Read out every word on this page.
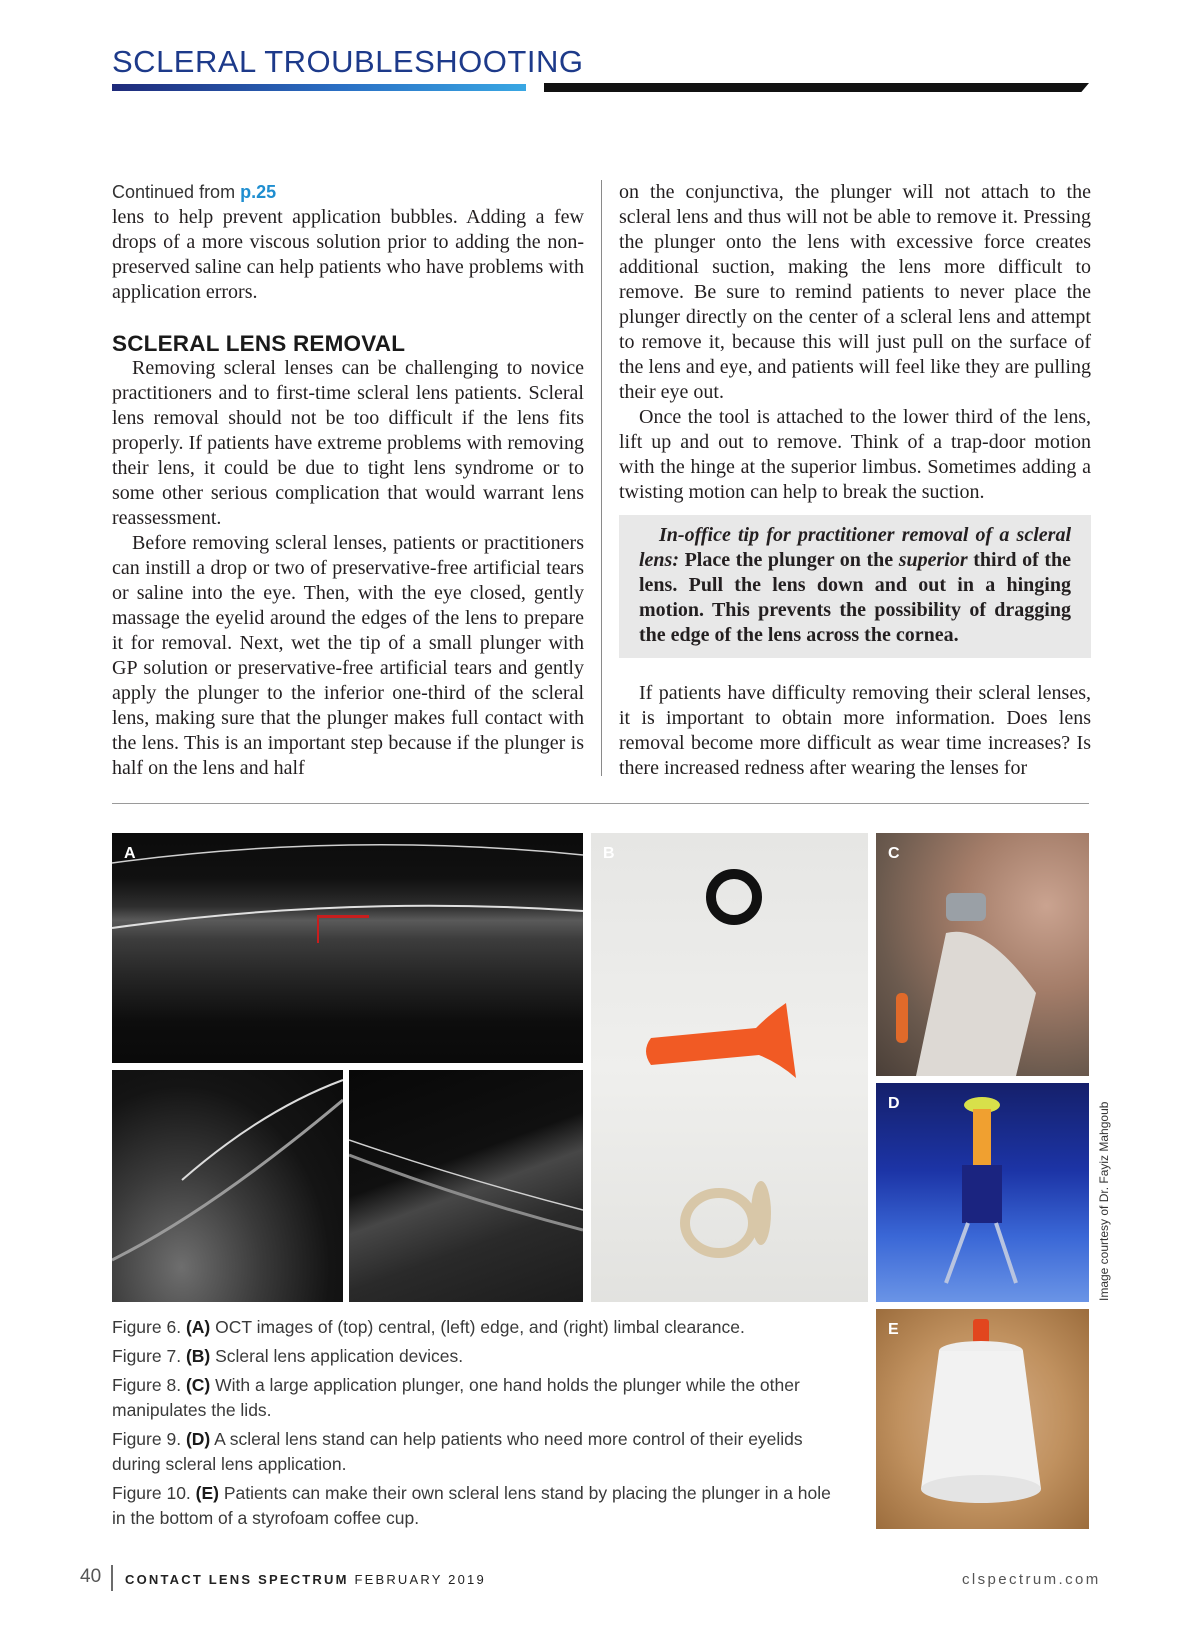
SCLERAL TROUBLESHOOTING
Continued from p.25

lens to help prevent application bubbles. Adding a few drops of a more viscous solution prior to adding the non-preserved saline can help patients who have problems with application errors.

SCLERAL LENS REMOVAL

Removing scleral lenses can be challenging to novice practitioners and to first-time scleral lens patients. Scleral lens removal should not be too difficult if the lens fits properly. If patients have extreme problems with removing their lens, it could be due to tight lens syndrome or to some other serious complication that would warrant lens reassessment.

Before removing scleral lenses, patients or practitioners can instill a drop or two of preservative-free artificial tears or saline into the eye. Then, with the eye closed, gently massage the eyelid around the edges of the lens to prepare it for removal. Next, wet the tip of a small plunger with GP solution or preservative-free artificial tears and gently apply the plunger to the inferior one-third of the scleral lens, making sure that the plunger makes full contact with the lens. This is an important step because if the plunger is half on the lens and half

on the conjunctiva, the plunger will not attach to the scleral lens and thus will not be able to remove it. Pressing the plunger onto the lens with excessive force creates additional suction, making the lens more difficult to remove. Be sure to remind patients to never place the plunger directly on the center of a scleral lens and attempt to remove it, because this will just pull on the surface of the lens and eye, and patients will feel like they are pulling their eye out.

Once the tool is attached to the lower third of the lens, lift up and out to remove. Think of a trap-door motion with the hinge at the superior limbus. Sometimes adding a twisting motion can help to break the suction.

In-office tip for practitioner removal of a scleral lens: Place the plunger on the superior third of the lens. Pull the lens down and out in a hinging motion. This prevents the possibility of dragging the edge of the lens across the cornea.

If patients have difficulty removing their scleral lenses, it is important to obtain more information. Does lens removal become more difficult as wear time increases? Is there increased redness after wearing the lenses for

A	B	C
D
E
Image courtesy of Dr. Fayiz Mahgoub
Figure 6. (A) OCT images of (top) central, (left) edge, and (right) limbal clearance.
Figure 7. (B) Scleral lens application devices.
Figure 8. (C) With a large application plunger, one hand holds the plunger while the other manipulates the lids.
Figure 9. (D) A scleral lens stand can help patients who need more control of their eyelids during scleral lens application.
Figure 10. (E) Patients can make their own scleral lens stand by placing the plunger in a hole in the bottom of a styrofoam coffee cup.
40 CONTACT LENS SPECTRUM FEBRUARY 2019	clspectrum.com
